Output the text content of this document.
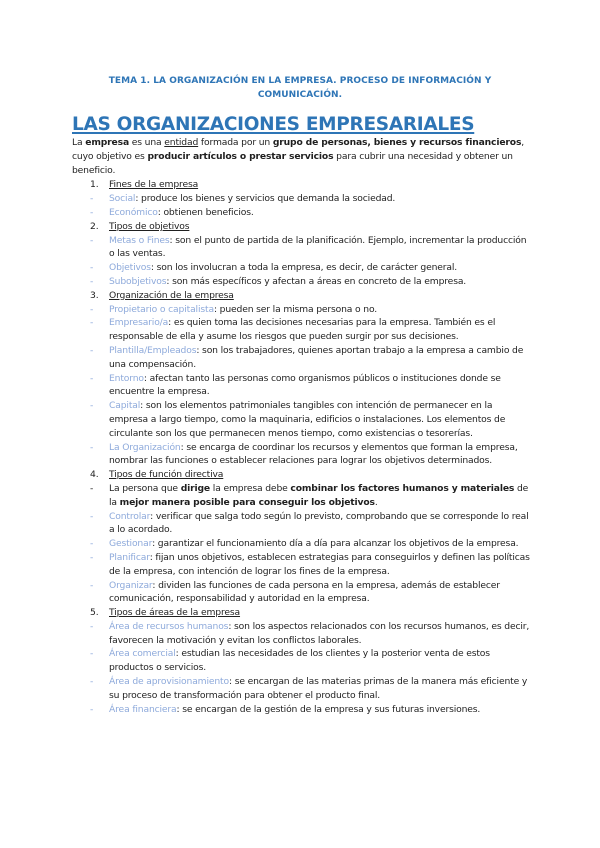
TEMA 1. LA ORGANIZACIÓN EN LA EMPRESA. PROCESO DE INFORMACIÓN Y COMUNICACIÓN.
LAS ORGANIZACIONES EMPRESARIALES

La empresa es una entidad formada por un grupo de personas, bienes y recursos financieros, cuyo objetivo es producir artículos o prestar servicios para cubrir una necesidad y obtener un beneficio.

1. Fines de la empresa
- Social: produce los bienes y servicios que demanda la sociedad.
- Económico: obtienen beneficios.
2. Tipos de objetivos
- Metas o Fines: son el punto de partida de la planificación. Ejemplo, incrementar la producción o las ventas.
- Objetivos: son los involucran a toda la empresa, es decir, de carácter general.
- Subobjetivos: son más específicos y afectan a áreas en concreto de la empresa.
3. Organización de la empresa
- Propietario o capitalista: pueden ser la misma persona o no.
- Empresario/a: es quien toma las decisiones necesarias para la empresa. También es el responsable de ella y asume los riesgos que pueden surgir por sus decisiones.
- Plantilla/Empleados: son los trabajadores, quienes aportan trabajo a la empresa a cambio de una compensación.
- Entorno: afectan tanto las personas como organismos públicos o instituciones donde se encuentre la empresa.
- Capital: son los elementos patrimoniales tangibles con intención de permanecer en la empresa a largo tiempo, como la maquinaria, edificios o instalaciones. Los elementos de circulante son los que permanecen menos tiempo, como existencias o tesorerías.
- La Organización: se encarga de coordinar los recursos y elementos que forman la empresa, nombrar las funciones o establecer relaciones para lograr los objetivos determinados.
4. Tipos de función directiva
- La persona que dirige la empresa debe combinar los factores humanos y materiales de la mejor manera posible para conseguir los objetivos.
- Controlar: verificar que salga todo según lo previsto, comprobando que se corresponde lo real a lo acordado.
- Gestionar: garantizar el funcionamiento día a día para alcanzar los objetivos de la empresa.
- Planificar: fijan unos objetivos, establecen estrategias para conseguirlos y definen las políticas de la empresa, con intención de lograr los fines de la empresa.
- Organizar: dividen las funciones de cada persona en la empresa, además de establecer comunicación, responsabilidad y autoridad en la empresa.
5. Tipos de áreas de la empresa
- Área de recursos humanos: son los aspectos relacionados con los recursos humanos, es decir, favorecen la motivación y evitan los conflictos laborales.
- Área comercial: estudian las necesidades de los clientes y la posterior venta de estos productos o servicios.
- Área de aprovisionamiento: se encargan de las materias primas de la manera más eficiente y su proceso de transformación para obtener el producto final.
- Área financiera: se encargan de la gestión de la empresa y sus futuras inversiones.
